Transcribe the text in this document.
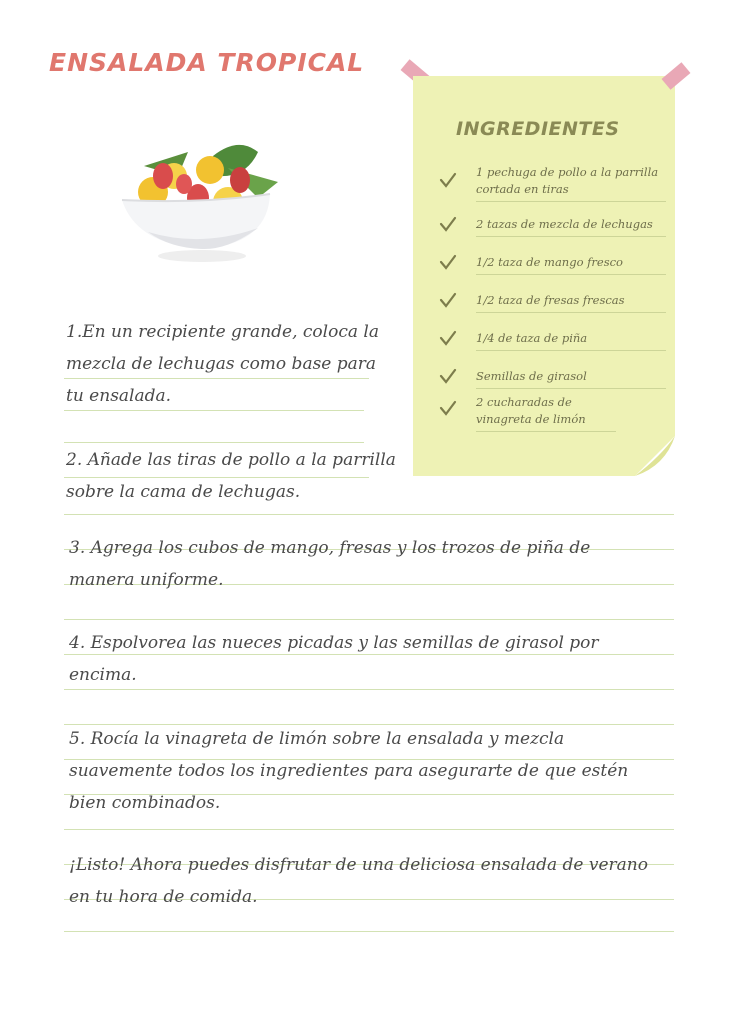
ENSALADA TROPICAL
INGREDIENTES
1 pechuga de pollo a la parrilla cortada en tiras
2 tazas de mezcla de lechugas
1/2 taza de mango fresco
1/2 taza de fresas frescas
1/4 de taza de piña
Semillas de girasol
2 cucharadas de vinagreta de limón

1.En un recipiente grande, coloca la mezcla de lechugas como base para tu ensalada.

2. Añade las tiras de pollo a la parrilla sobre la cama de lechugas.

3. Agrega los cubos de mango, fresas y los trozos de piña de manera uniforme.

4. Espolvorea las nueces picadas y las semillas de girasol por encima.

5. Rocía la vinagreta de limón sobre la ensalada y mezcla suavemente todos los ingredientes para asegurarte de que estén bien combinados.

¡Listo! Ahora puedes disfrutar de una deliciosa ensalada de verano en tu hora de comida.
